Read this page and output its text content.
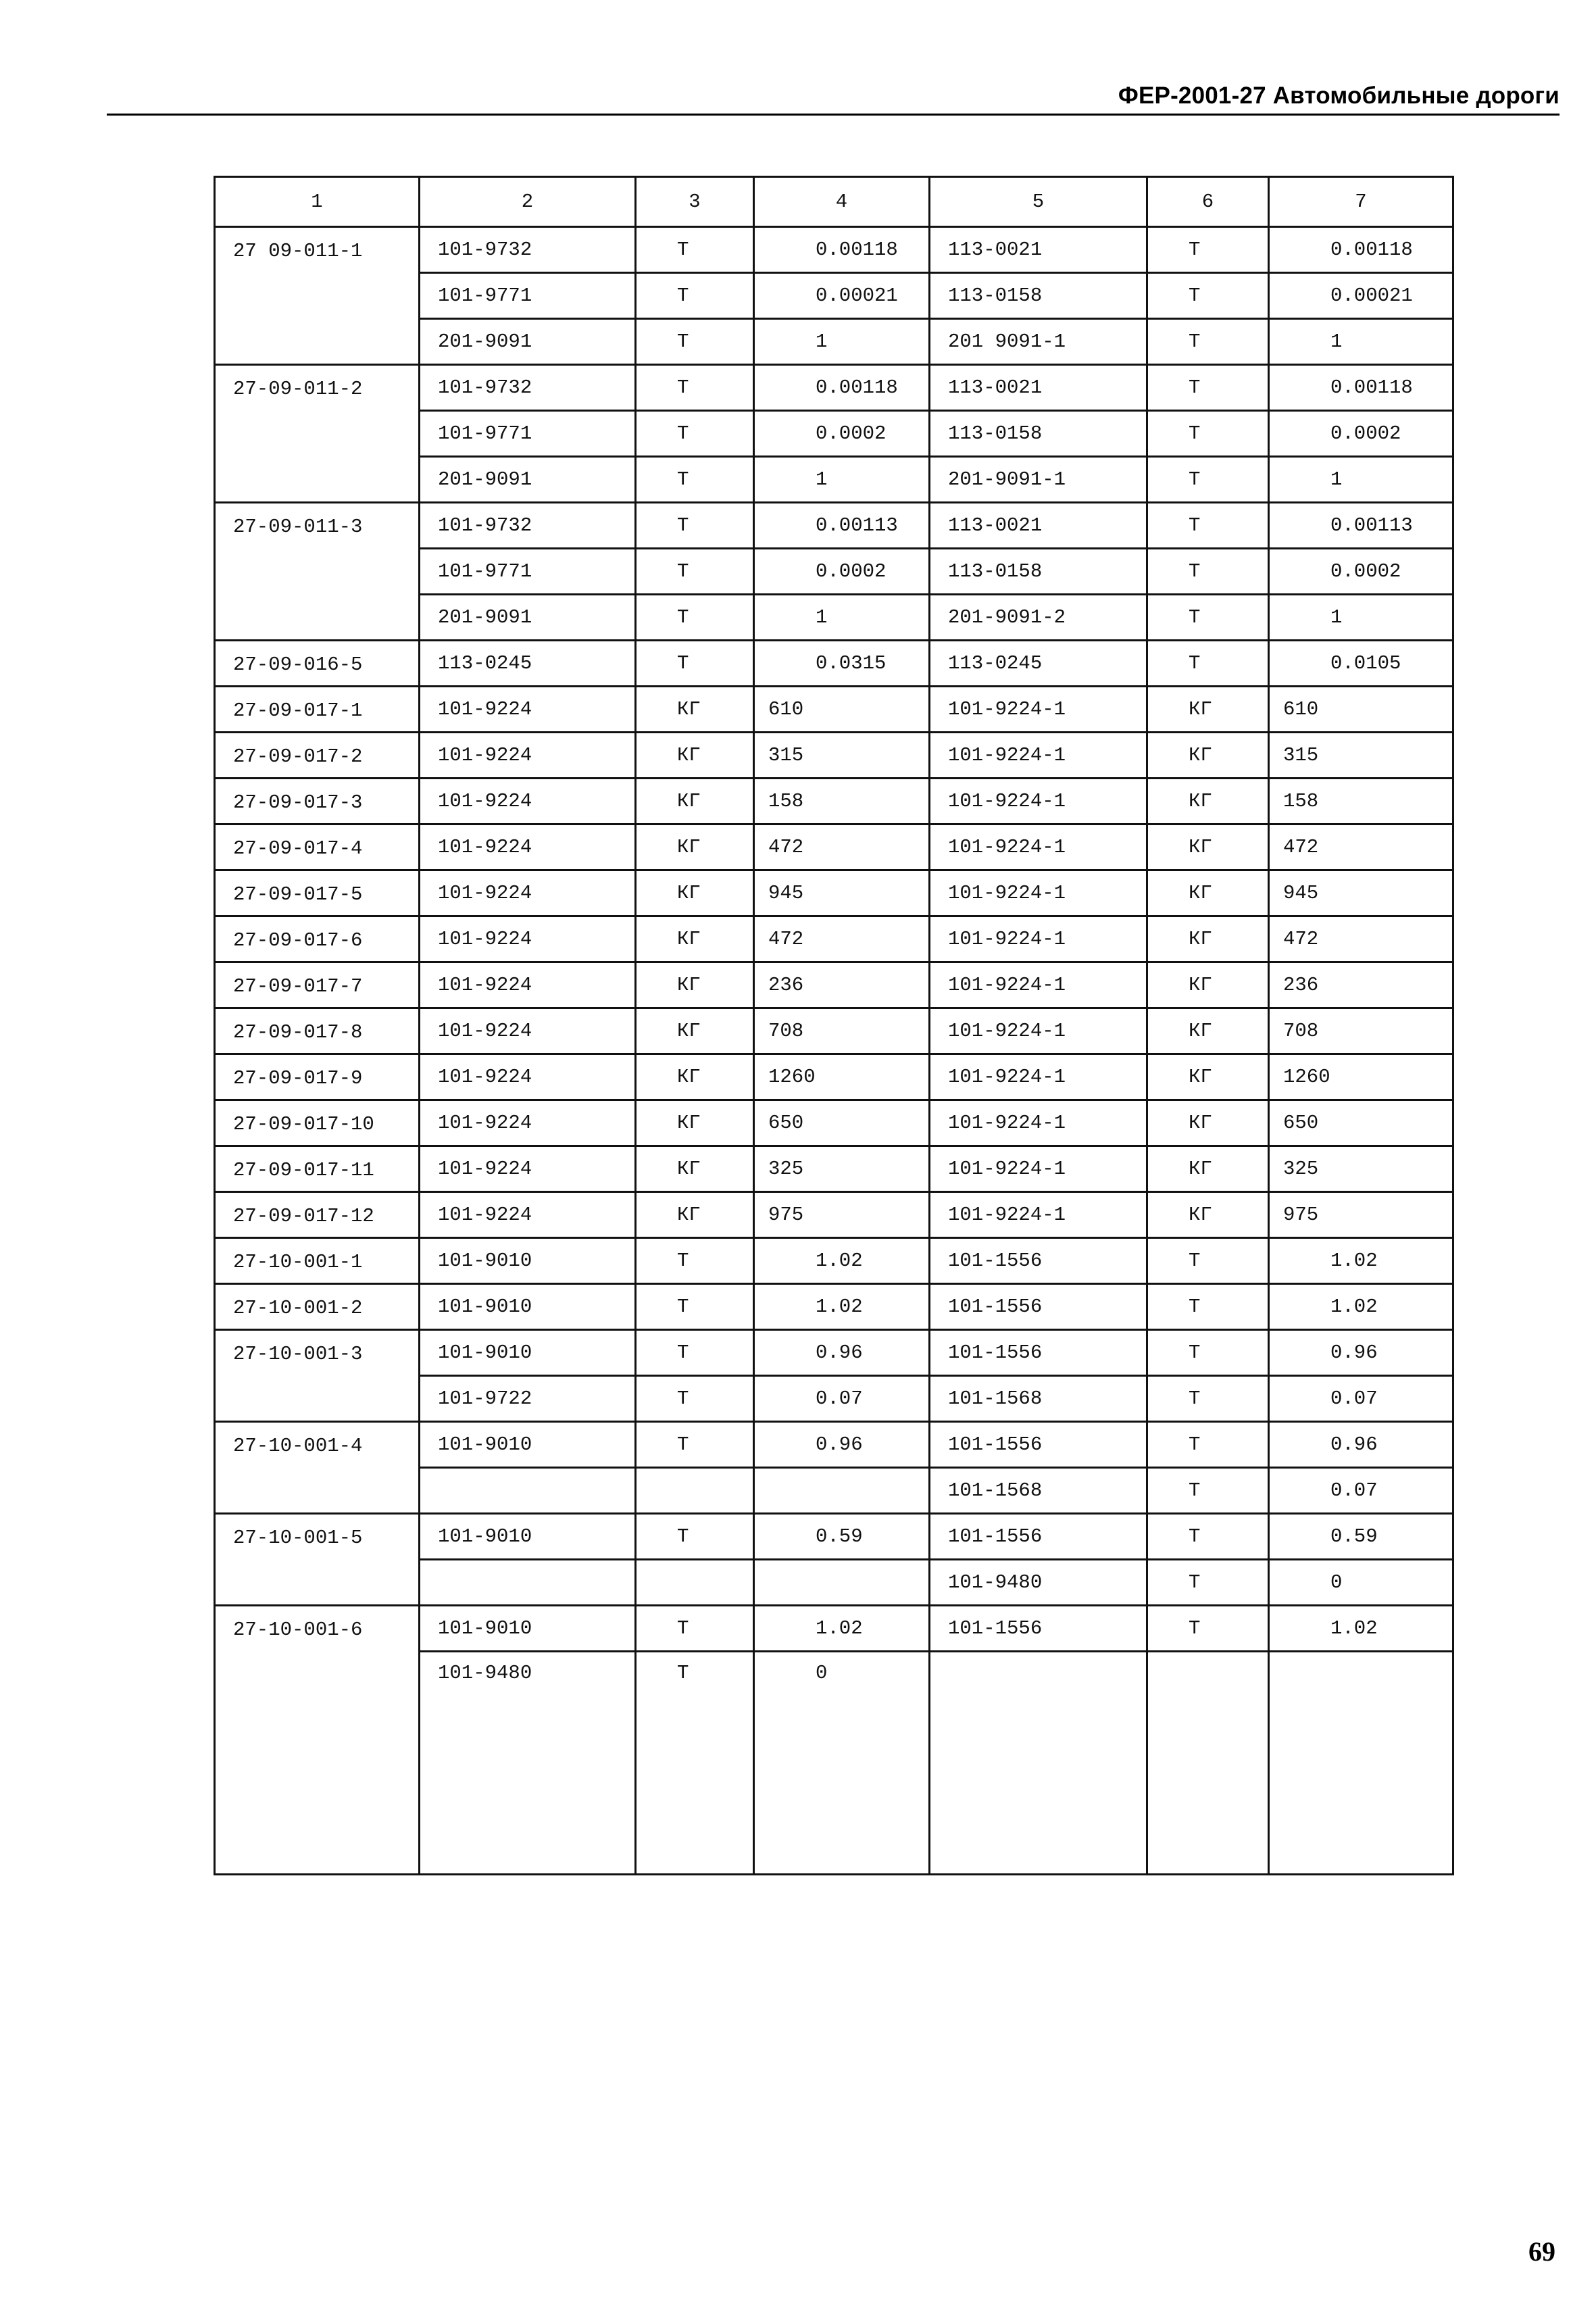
ФЕР-2001-27 Автомобильные дороги
1	2	3	4	5	6	7
27 09-011-1	101-9732	Т	0.00118	113-0021	Т	0.00118
	101-9771	Т	0.00021	113-0158	Т	0.00021
	201-9091	Т	1	201 9091-1	Т	1
27-09-011-2	101-9732	Т	0.00118	113-0021	Т	0.00118
	101-9771	Т	0.0002	113-0158	Т	0.0002
	201-9091	Т	1	201-9091-1	Т	1
27-09-011-3	101-9732	Т	0.00113	113-0021	Т	0.00113
	101-9771	Т	0.0002	113-0158	Т	0.0002
	201-9091	Т	1	201-9091-2	Т	1
27-09-016-5	113-0245	Т	0.0315	113-0245	Т	0.0105
27-09-017-1	101-9224	КГ	610	101-9224-1	КГ	610
27-09-017-2	101-9224	КГ	315	101-9224-1	КГ	315
27-09-017-3	101-9224	КГ	158	101-9224-1	КГ	158
27-09-017-4	101-9224	КГ	472	101-9224-1	КГ	472
27-09-017-5	101-9224	КГ	945	101-9224-1	КГ	945
27-09-017-6	101-9224	КГ	472	101-9224-1	КГ	472
27-09-017-7	101-9224	КГ	236	101-9224-1	КГ	236
27-09-017-8	101-9224	КГ	708	101-9224-1	КГ	708
27-09-017-9	101-9224	КГ	1260	101-9224-1	КГ	1260
27-09-017-10	101-9224	КГ	650	101-9224-1	КГ	650
27-09-017-11	101-9224	КГ	325	101-9224-1	КГ	325
27-09-017-12	101-9224	КГ	975	101-9224-1	КГ	975
27-10-001-1	101-9010	Т	1.02	101-1556	Т	1.02
27-10-001-2	101-9010	Т	1.02	101-1556	Т	1.02
27-10-001-3	101-9010	Т	0.96	101-1556	Т	0.96
	101-9722	Т	0.07	101-1568	Т	0.07
27-10-001-4	101-9010	Т	0.96	101-1556	Т	0.96
				101-1568	Т	0.07
27-10-001-5	101-9010	Т	0.59	101-1556	Т	0.59
				101-9480	Т	0
27-10-001-6	101-9010	Т	1.02	101-1556	Т	1.02
	101-9480	Т	0			
69
